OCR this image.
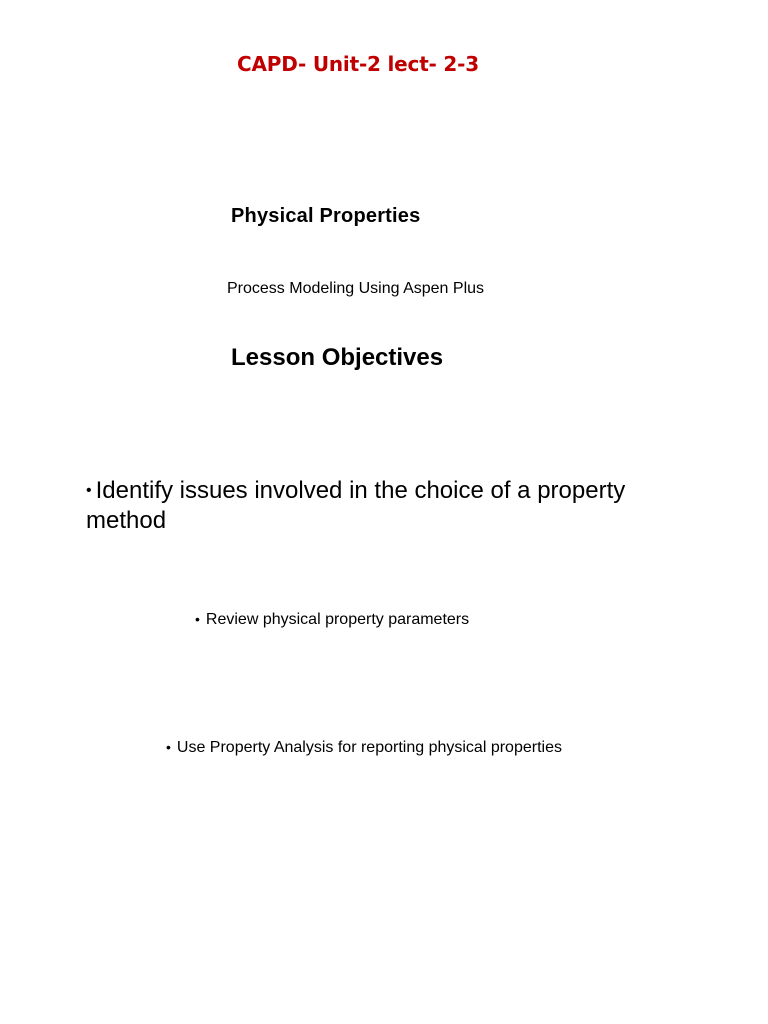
CAPD- Unit-2 lect- 2-3
Physical Properties
Process Modeling Using Aspen Plus
Lesson Objectives
• Identify issues involved in the choice of a property method
• Review physical property parameters
• Use Property Analysis for reporting physical properties
